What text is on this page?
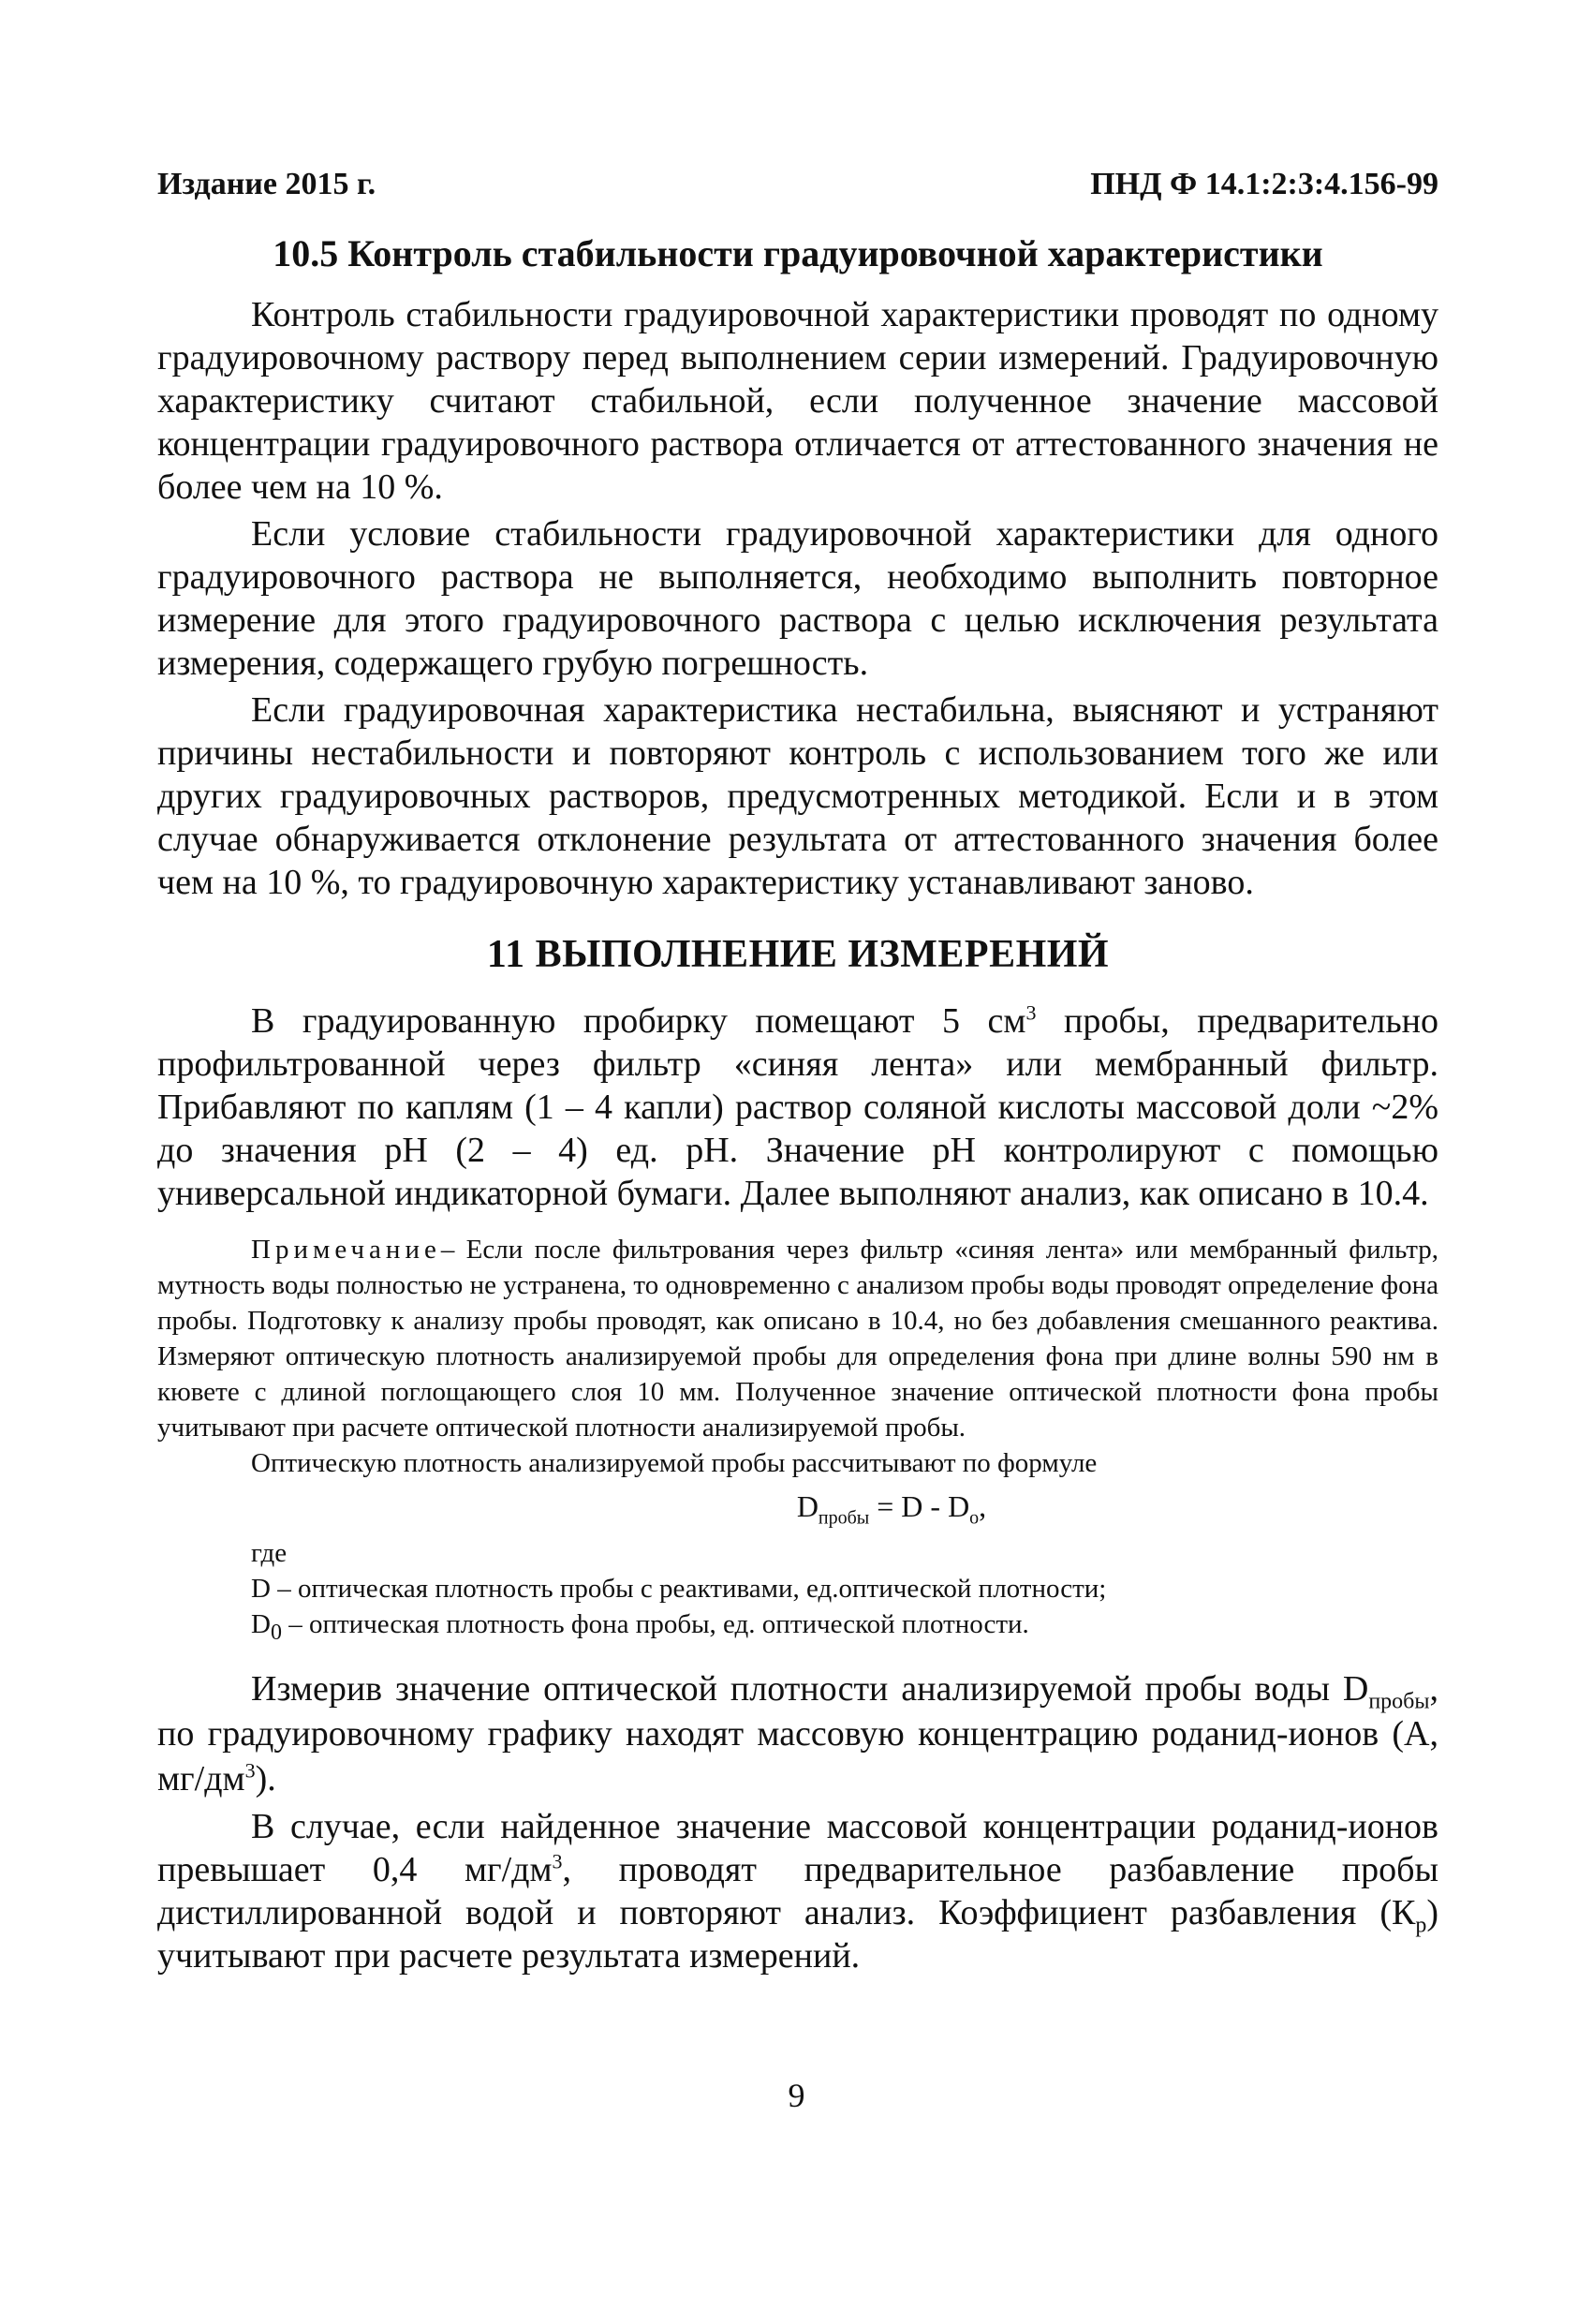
Издание 2015 г.	ПНД Ф 14.1:2:3:4.156-99
10.5 Контроль стабильности градуировочной характеристики

Контроль стабильности градуировочной характеристики проводят по одному градуировочному раствору перед выполнением серии измерений. Градуировочную характеристику считают стабильной, если полученное значение массовой концентрации градуировочного раствора отличается от аттестованного значения не более чем на 10 %.

Если условие стабильности градуировочной характеристики для одного градуировочного раствора не выполняется, необходимо выполнить повторное измерение для этого градуировочного раствора с целью исключения результата измерения, содержащего грубую погрешность.

Если градуировочная характеристика нестабильна, выясняют и устраняют причины нестабильности и повторяют контроль с использованием того же или других градуировочных растворов, предусмотренных методикой. Если и в этом случае обнаруживается отклонение результата от аттестованного значения более чем на 10 %, то градуировочную характеристику устанавливают заново.

11 ВЫПОЛНЕНИЕ ИЗМЕРЕНИЙ

В градуированную пробирку помещают 5 $см^3$ пробы, предварительно профильтрованной через фильтр «синяя лента» или мембранный фильтр. Прибавляют по каплям (1 – 4 капли) раствор соляной кислоты массовой доли ~2% до значения рН (2 – 4) ед. рН. Значение рН контролируют с помощью универсальной индикаторной бумаги. Далее выполняют анализ, как описано в 10.4.

Примечание– Если после фильтрования через фильтр «синяя лента» или мембранный фильтр, мутность воды полностью не устранена, то одновременно с анализом пробы воды проводят определение фона пробы. Подготовку к анализу пробы проводят, как описано в 10.4, но без добавления смешанного реактива. Измеряют оптическую плотность анализируемой пробы для определения фона при длине волны 590 нм в кювете с длиной поглощающего слоя 10 мм. Полученное значение оптической плотности фона пробы учитывают при расчете оптической плотности анализируемой пробы.

Оптическую плотность анализируемой пробы рассчитывают по формуле

$D_{пробы} = D - D_о$,

где

D – оптическая плотность пробы с реактивами, ед.оптической плотности;

$D_0$ – оптическая плотность фона пробы, ед. оптической плотности.

Измерив значение оптической плотности анализируемой пробы воды $D_{пробы}$, по градуировочному графику находят массовую концентрацию роданид-ионов (А, $мг/дм^3$).

В случае, если найденное значение массовой концентрации роданид-ионов превышает 0,4 $мг/дм^3$, проводят предварительное разбавление пробы дистиллированной водой и повторяют анализ. Коэффициент разбавления $(К_р)$ учитывают при расчете результата измерений.

9
